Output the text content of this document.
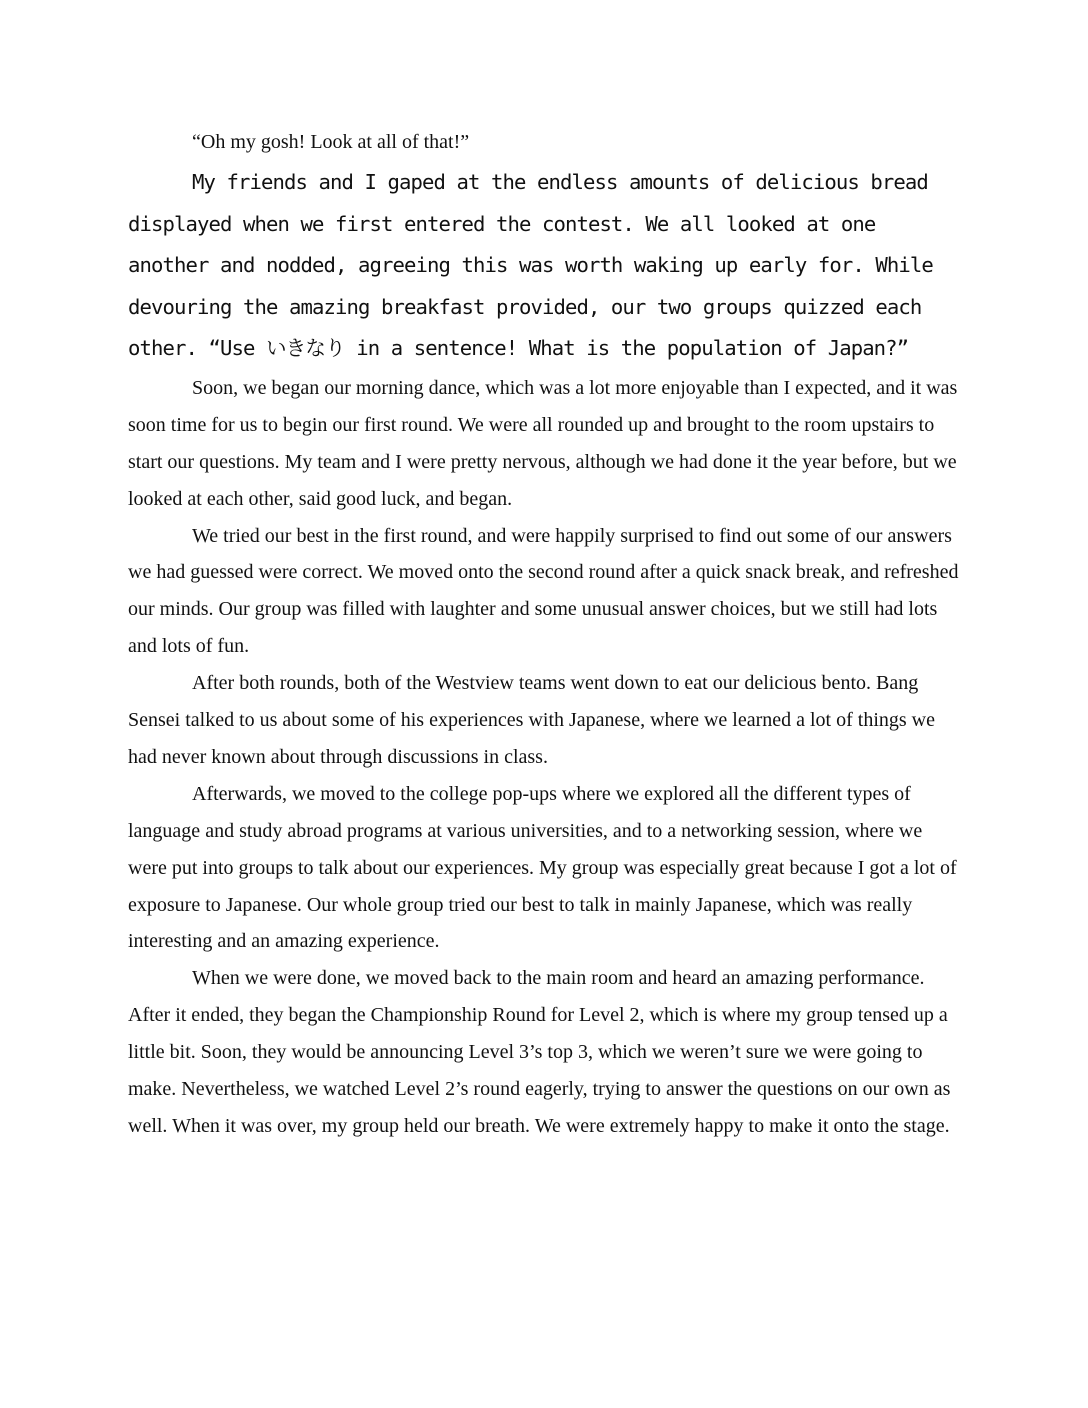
“Oh my gosh! Look at all of that!”

My friends and I gaped at the endless amounts of delicious bread displayed when we first entered the contest. We all looked at one another and nodded, agreeing this was worth waking up early for. While devouring the amazing breakfast provided, our two groups quizzed each other. “Use いきなり in a sentence! What is the population of Japan?”

Soon, we began our morning dance, which was a lot more enjoyable than I expected, and it was soon time for us to begin our first round. We were all rounded up and brought to the room upstairs to start our questions. My team and I were pretty nervous, although we had done it the year before, but we looked at each other, said good luck, and began.

We tried our best in the first round, and were happily surprised to find out some of our answers we had guessed were correct. We moved onto the second round after a quick snack break, and refreshed our minds. Our group was filled with laughter and some unusual answer choices, but we still had lots and lots of fun.

After both rounds, both of the Westview teams went down to eat our delicious bento. Bang Sensei talked to us about some of his experiences with Japanese, where we learned a lot of things we had never known about through discussions in class.

Afterwards, we moved to the college pop-ups where we explored all the different types of language and study abroad programs at various universities, and to a networking session, where we were put into groups to talk about our experiences. My group was especially great because I got a lot of exposure to Japanese. Our whole group tried our best to talk in mainly Japanese, which was really interesting and an amazing experience.

When we were done, we moved back to the main room and heard an amazing performance. After it ended, they began the Championship Round for Level 2, which is where my group tensed up a little bit. Soon, they would be announcing Level 3’s top 3, which we weren’t sure we were going to make. Nevertheless, we watched Level 2’s round eagerly, trying to answer the questions on our own as well. When it was over, my group held our breath. We were extremely happy to make it onto the stage.
